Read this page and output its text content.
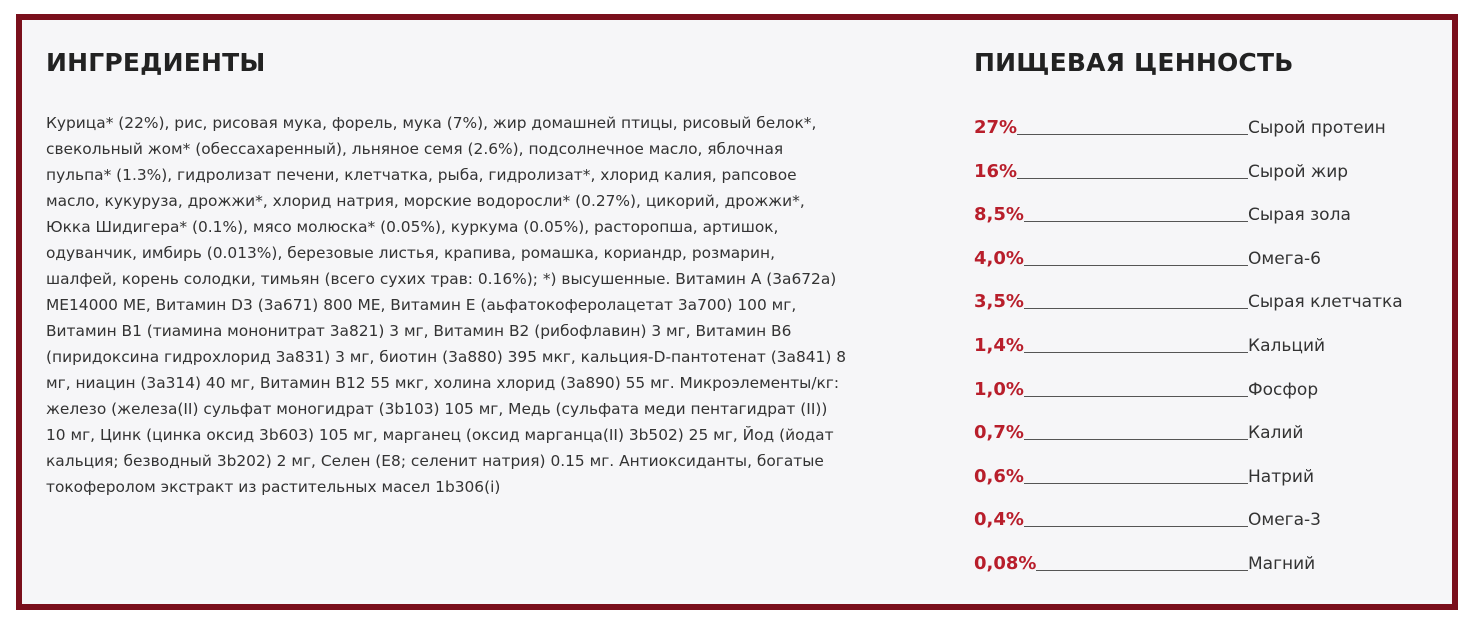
ИНГРЕДИЕНТЫ

Курица* (22%), рис, рисовая мука, форель, мука (7%), жир домашней птицы, рисовый белок*, свекольный жом* (обессахаренный), льняное семя (2.6%), подсолнечное масло, яблочная пульпа* (1.3%), гидролизат печени, клетчатка, рыба, гидролизат*, хлорид калия, рапсовое масло, кукуруза, дрожжи*, хлорид натрия, морские водоросли* (0.27%), цикорий, дрожжи*, Юкка Шидигера* (0.1%), мясо молюска* (0.05%), куркума (0.05%), расторопша, артишок, одуванчик, имбирь (0.013%), березовые листья, крапива, ромашка, кориандр, розмарин, шалфей, корень солодки, тимьян (всего сухих трав: 0.16%); *) высушенные. Витамин А (3a672a) МЕ14000 МЕ, Витамин D3 (3a671) 800 МЕ, Витамин Е (аьфатокоферолацетат 3a700) 100 мг, Витамин В1 (тиамина мононитрат 3a821) 3 мг, Витамин В2 (рибофлавин) 3 мг, Витамин В6 (пиридоксина гидрохлорид 3a831) 3 мг, биотин (3a880) 395 мкг, кальция-D-пантотенат (3a841) 8 мг, ниацин (3a314) 40 мг, Витамин В12 55 мкг, холина хлорид (3a890) 55 мг. Микроэлементы/кг: железо (железа(II) сульфат моногидрат (3b103) 105 мг, Медь (сульфата меди пентагидрат (II)) 10 мг, Цинк (цинка оксид 3b603) 105 мг, марганец (оксид марганца(II) 3b502) 25 мг, Йод (йодат кальция; безводный 3b202) 2 мг, Селен (Е8; селенит натрия) 0.15 мг. Антиоксиданты, богатые токоферолом экстракт из растительных масел 1b306(i)

ПИЩЕВАЯ ЦЕННОСТЬ
27%	Сырой протеин
16%	Сырой жир
8,5%	Сырая зола
4,0%	Омега-6
3,5%	Сырая клетчатка
1,4%	Кальций
1,0%	Фосфор
0,7%	Калий
0,6%	Натрий
0,4%	Омега-3
0,08%	Магний
